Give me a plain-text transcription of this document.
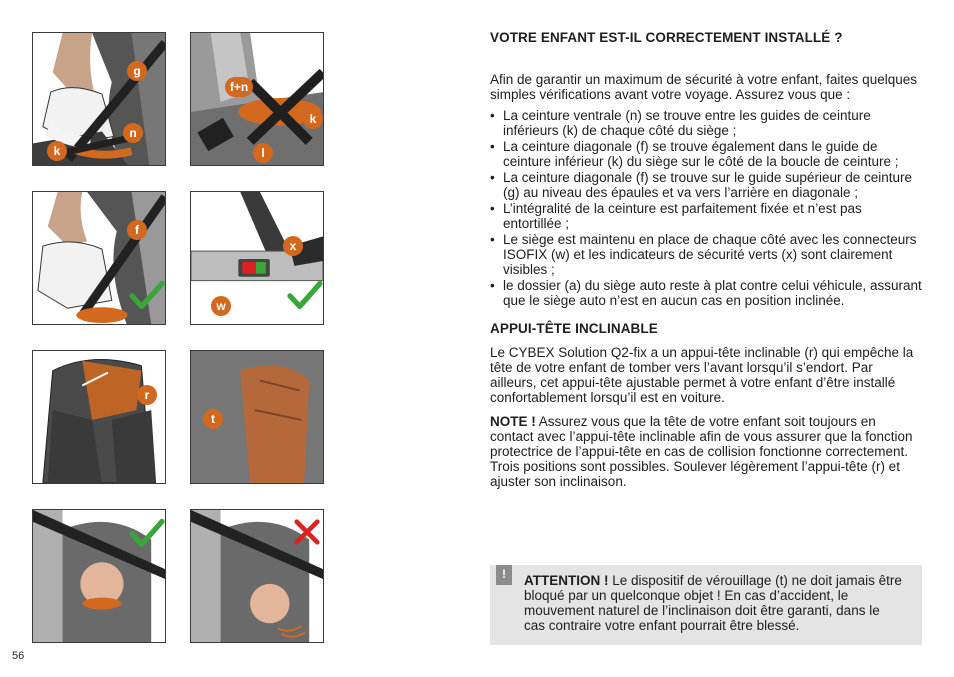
g
n
k
f+n
k
l
f
x
w
r
t
56
VOTRE ENFANT EST-IL CORRECTEMENT INSTALLÉ ?

Afin de garantir un maximum de sécurité à votre enfant, faites quelques simples vérifications avant votre voyage. Assurez vous que :

• La ceinture ventrale (n) se trouve entre les guides de ceinture inférieurs (k) de chaque côté du siège ;
• La ceinture diagonale (f) se trouve également dans le guide de ceinture inférieur (k) du siège sur le côté de la boucle de ceinture ;
• La ceinture diagonale (f) se trouve sur le guide supérieur de ceinture (g) au niveau des épaules et va vers l’arrière en diagonale ;
• L’intégralité de la ceinture est parfaitement fixée et n’est pas entortillée ;
• Le siège est maintenu en place de chaque côté avec les connecteurs ISOFIX (w) et les indicateurs de sécurité verts (x) sont clairement visibles ;
• le dossier (a) du siège auto reste à plat contre celui véhicule, assurant que le siège auto n’est en aucun cas en position inclinée.
APPUI-TÊTE INCLINABLE

Le CYBEX Solution Q2-fix a un appui-tête inclinable (r) qui empêche la tête de votre enfant de tomber vers l’avant lorsqu’il s’endort. Par ailleurs, cet appui-tête ajustable permet à votre enfant d’être installé confortablement lorsqu’il est en voiture.

NOTE ! Assurez vous que la tête de votre enfant soit toujours en contact avec l’appui-tête inclinable afin de vous assurer que la fonction protectrice de l’appui-tête en cas de collision fonctionne correctement. Trois positions sont possibles. Soulever légèrement l’appui-tête (r) et ajuster son inclinaison.

!	ATTENTION ! Le dispositif de vérouillage (t) ne doit jamais être bloqué par un quelconque objet ! En cas d’accident, le mouvement naturel de l’inclinaison doit être garanti, dans le cas contraire votre enfant pourrait être blessé.
